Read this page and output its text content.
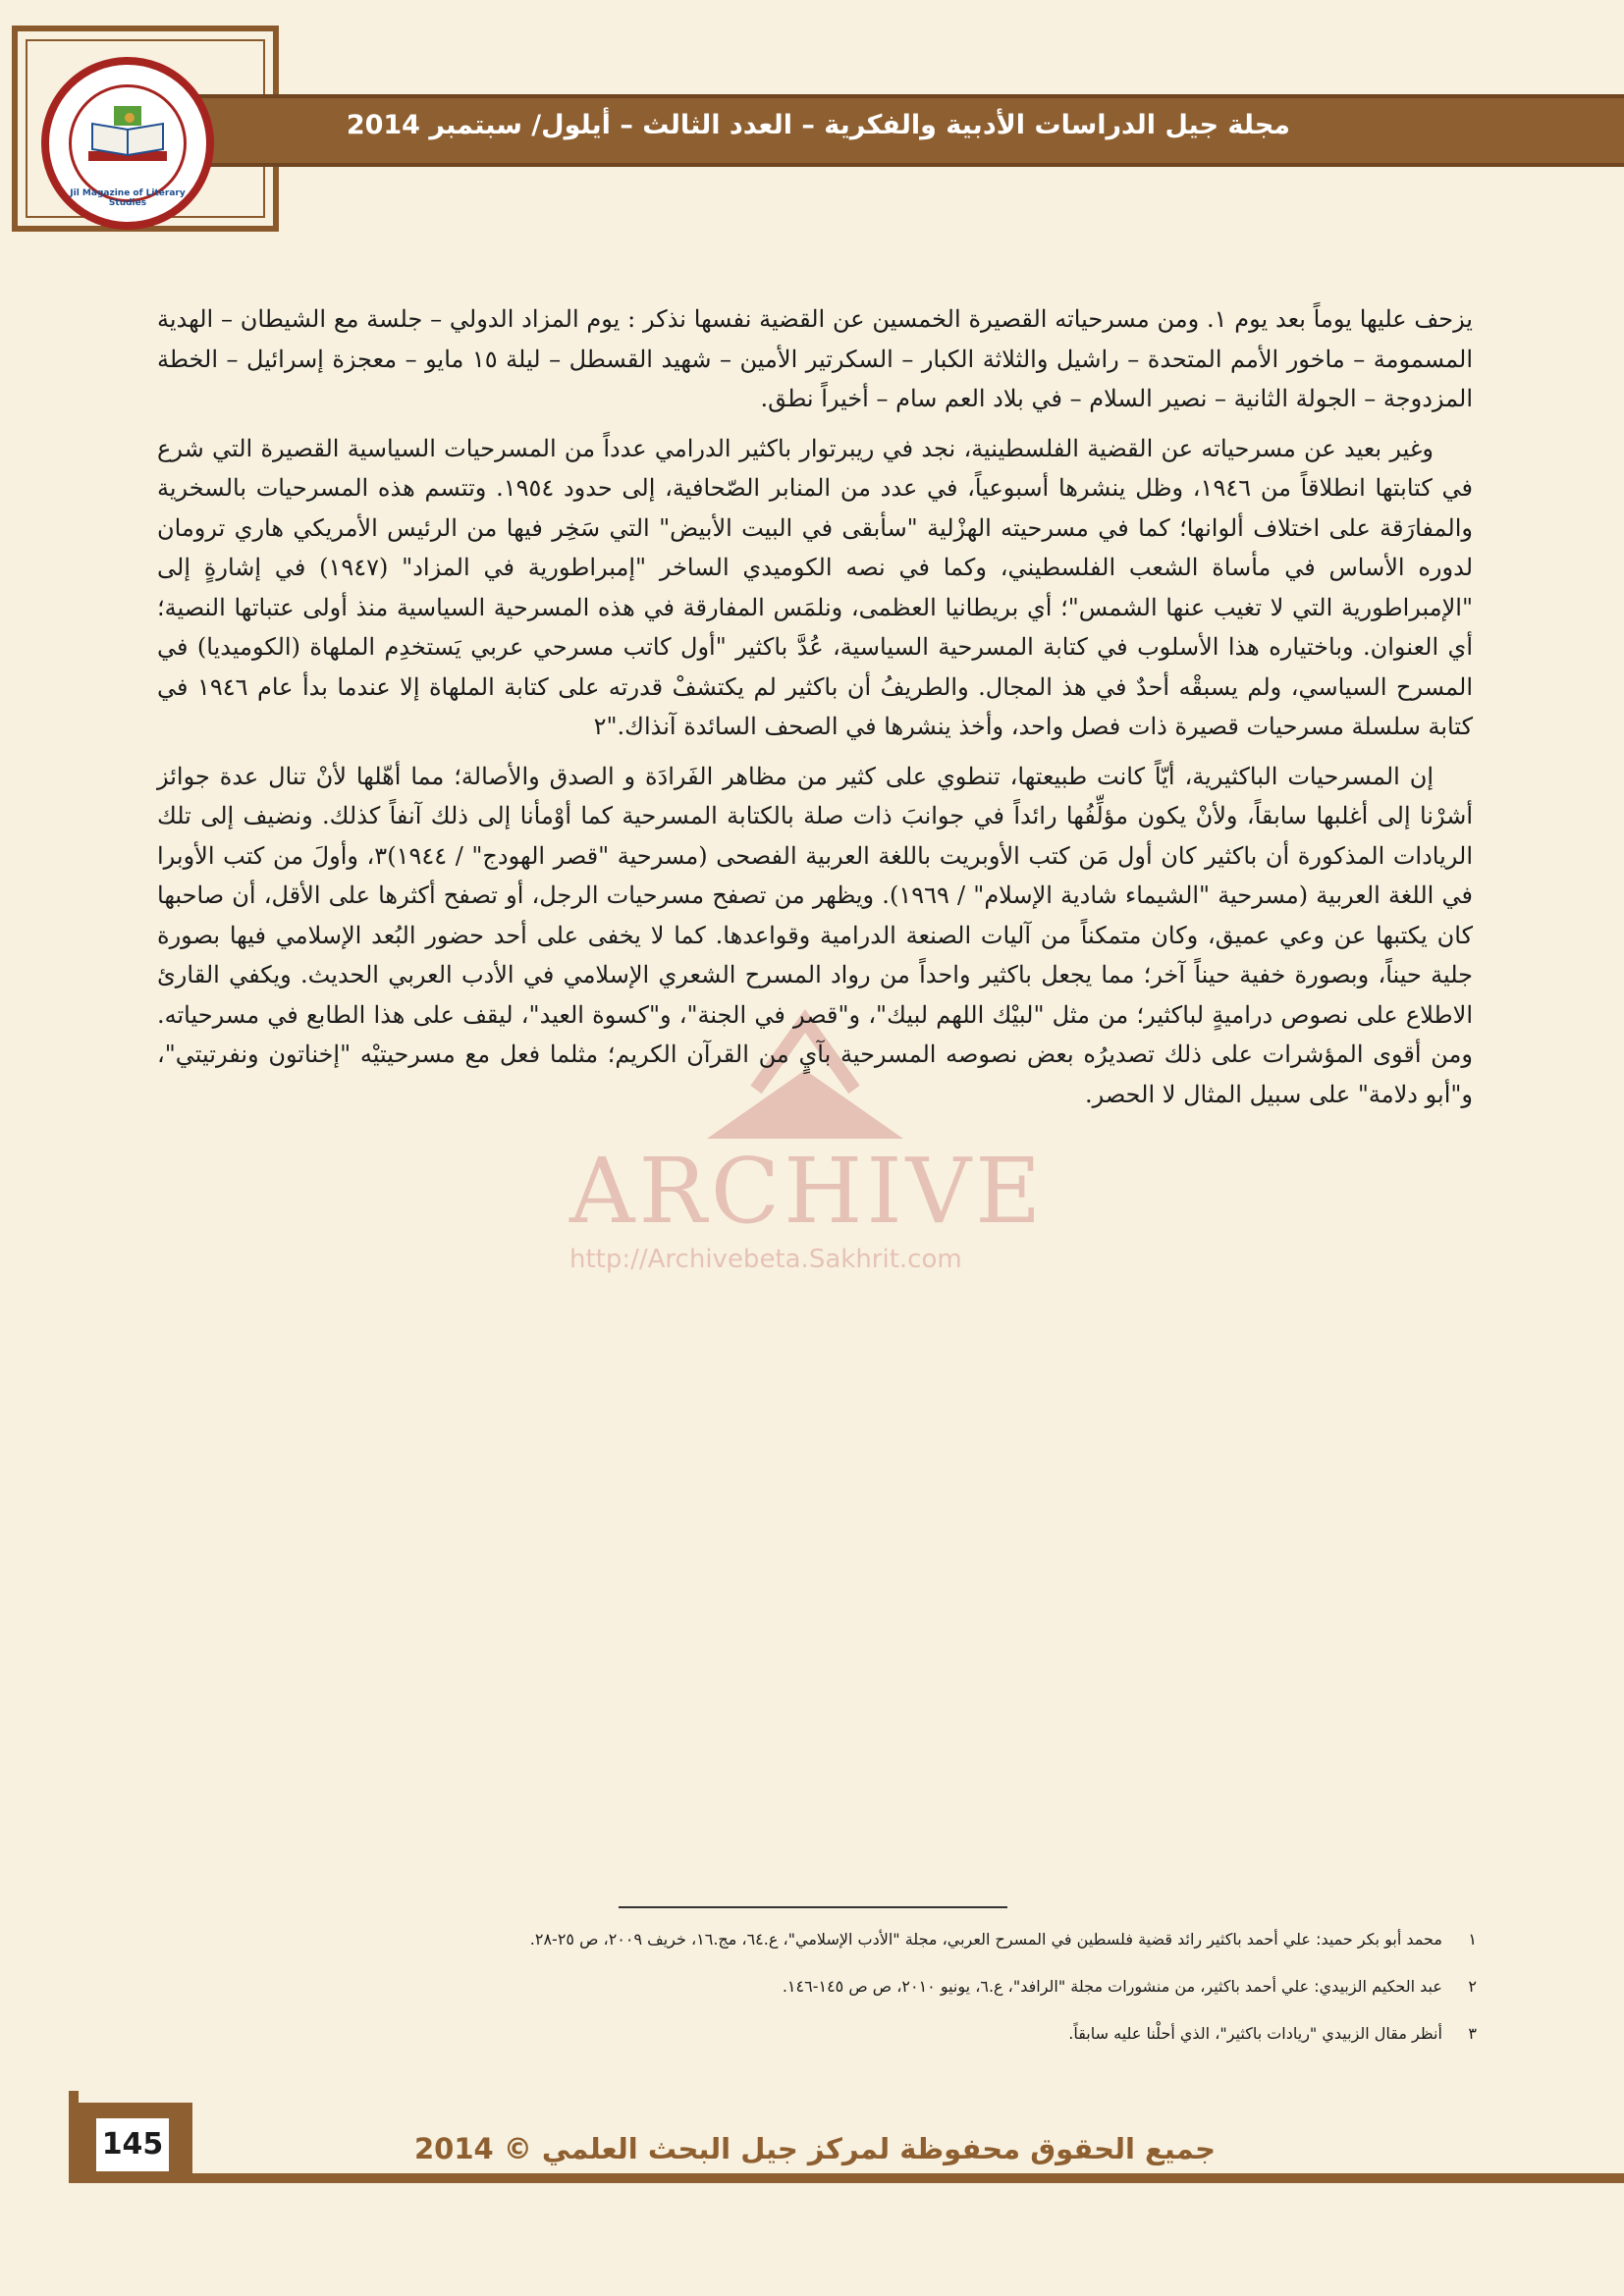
مجلة جيل الدراسات الأدبية والفكرية – العدد الثالث – أيلول/ سبتمبر 2014
Jil Magazine of Literary Studies
ARCHIVE
http://Archivebeta.Sakhrit.com

يزحف عليها يوماً بعد يوم ١. ومن مسرحياته القصيرة الخمسين عن القضية نفسها نذكر : يوم المزاد الدولي – جلسة مع الشيطان – الهدية المسمومة – ماخور الأمم المتحدة – راشيل والثلاثة الكبار – السكرتير الأمين – شهيد القسطل – ليلة ١٥ مايو – معجزة إسرائيل – الخطة المزدوجة – الجولة الثانية – نصير السلام – في بلاد العم سام – أخيراً نطق.

وغير بعيد عن مسرحياته عن القضية الفلسطينية، نجد في ريبرتوار باكثير الدرامي عدداً من المسرحيات السياسية القصيرة التي شرع في كتابتها انطلاقاً من ١٩٤٦، وظل ينشرها أسبوعياً، في عدد من المنابر الصّحافية، إلى حدود ١٩٥٤. وتتسم هذه المسرحيات بالسخرية والمفارَقة على اختلاف ألوانها؛ كما في مسرحيته الهزْلية "سأبقى في البيت الأبيض" التي سَخِر فيها من الرئيس الأمريكي هاري ترومان لدوره الأساس في مأساة الشعب الفلسطيني، وكما في نصه الكوميدي الساخر "إمبراطورية في المزاد" (١٩٤٧) في إشارةٍ إلى "الإمبراطورية التي لا تغيب عنها الشمس"؛ أي بريطانيا العظمى، ونلمَس المفارقة في هذه المسرحية السياسية منذ أولى عتباتها النصية؛ أي العنوان. وباختياره هذا الأسلوب في كتابة المسرحية السياسية، عُدَّ باكثير "أول كاتب مسرحي عربي يَستخدِم الملهاة (الكوميديا) في المسرح السياسي، ولم يسبقْه أحدٌ في هذ المجال. والطريفُ أن باكثير لم يكتشفْ قدرته على كتابة الملهاة إلا عندما بدأ عام ١٩٤٦ في كتابة سلسلة مسرحيات قصيرة ذات فصل واحد، وأخذ ينشرها في الصحف السائدة آنذاك."٢

إن المسرحيات الباكثيرية، أيّاً كانت طبيعتها، تنطوي على كثير من مظاهر الفَرادَة و الصدق والأصالة؛ مما أهّلها لأنْ تنال عدة جوائز أشرْنا إلى أغلبها سابقاً، ولأنْ يكون مؤلِّفُها رائداً في جوانبَ ذات صلة بالكتابة المسرحية كما أوْمأنا إلى ذلك آنفاً كذلك. ونضيف إلى تلك الريادات المذكورة أن باكثير كان أول مَن كتب الأوبريت باللغة العربية الفصحى (مسرحية "قصر الهودج" / ١٩٤٤)٣، وأولَ من كتب الأوبرا في اللغة العربية (مسرحية "الشيماء شادية الإسلام" / ١٩٦٩). ويظهر من تصفح مسرحيات الرجل، أو تصفح أكثرها على الأقل، أن صاحبها كان يكتبها عن وعي عميق، وكان متمكناً من آليات الصنعة الدرامية وقواعدها. كما لا يخفى على أحد حضور البُعد الإسلامي فيها بصورة جلية حيناً، وبصورة خفية حيناً آخر؛ مما يجعل باكثير واحداً من رواد المسرح الشعري الإسلامي في الأدب العربي الحديث. ويكفي القارئ الاطلاع على نصوص دراميةٍ لباكثير؛ من مثل "لبيْك اللهم لبيك"، و"قصر في الجنة"، و"كسوة العيد"، ليقف على هذا الطابع في مسرحياته. ومن أقوى المؤشرات على ذلك تصديرُه بعض نصوصه المسرحية بآيٍ من القرآن الكريم؛ مثلما فعل مع مسرحيتيْه "إخناتون ونفرتيتي"، و"أبو دلامة" على سبيل المثال لا الحصر.

١ محمد أبو بكر حميد: علي أحمد باكثير رائد قضية فلسطين في المسرح العربي، مجلة "الأدب الإسلامي"، ع.٦٤، مج.١٦، خريف ٢٠٠٩، ص ٢٥-٢٨.
٢ عبد الحكيم الزبيدي: علي أحمد باكثير، من منشورات مجلة "الرافد"، ع.٦، يونيو ٢٠١٠، ص ص ١٤٥-١٤٦.
٣ أنظر مقال الزبيدي "ريادات باكثير"، الذي أحلْنا عليه سابقاً.
145	جميع الحقوق محفوظة لمركز جيل البحث العلمي © 2014
